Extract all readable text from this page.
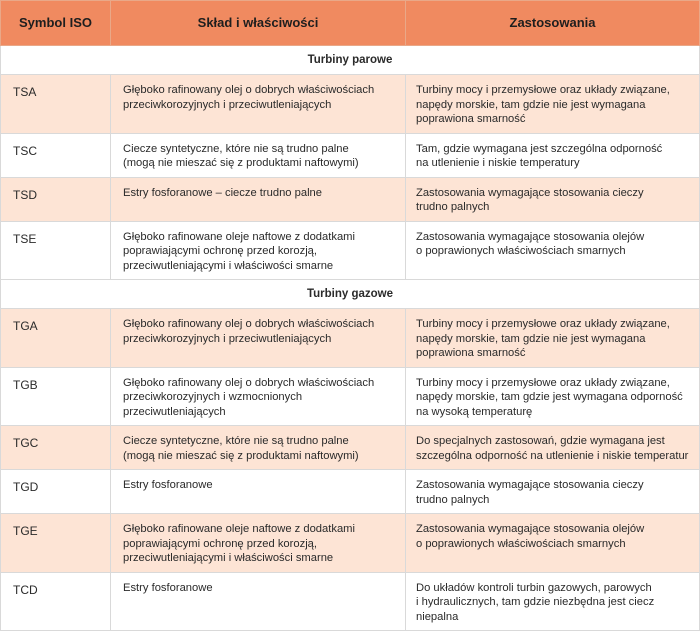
Symbol ISO	Skład i właściwości	Zastosowania
Turbiny parowe		
TSA	Głęboko rafinowany olej o dobrych właściwościach
przeciwkorozyjnych i przeciwutleniających	Turbiny mocy i przemysłowe oraz układy związane,
napędy morskie, tam gdzie nie jest wymagana
poprawiona smarność
TSC	Ciecze syntetyczne, które nie są trudno palne
(mogą nie mieszać się z produktami naftowymi)	Tam, gdzie wymagana jest szczególna odporność
na utlenienie i niskie temperatury
TSD	Estry fosforanowe – ciecze trudno palne	Zastosowania wymagające stosowania cieczy
trudno palnych
TSE	Głęboko rafinowane oleje naftowe z dodatkami
poprawiającymi ochronę przed korozją,
przeciwutleniającymi i właściwości smarne	Zastosowania wymagające stosowania olejów
o poprawionych właściwościach smarnych
Turbiny gazowe		
TGA	Głęboko rafinowany olej o dobrych właściwościach
przeciwkorozyjnych i przeciwutleniających	Turbiny mocy i przemysłowe oraz układy związane,
napędy morskie, tam gdzie nie jest wymagana
poprawiona smarność
TGB	Głęboko rafinowany olej o dobrych właściwościach
przeciwkorozyjnych i wzmocnionych
przeciwutleniających	Turbiny mocy i przemysłowe oraz układy związane,
napędy morskie, tam gdzie jest wymagana odporność
na wysoką temperaturę
TGC	Ciecze syntetyczne, które nie są trudno palne
(mogą nie mieszać się z produktami naftowymi)	Do specjalnych zastosowań, gdzie wymagana jest
szczególna odporność na utlenienie i niskie temperatur
TGD	Estry fosforanowe	Zastosowania wymagające stosowania cieczy
trudno palnych
TGE	Głęboko rafinowane oleje naftowe z dodatkami
poprawiającymi ochronę przed korozją,
przeciwutleniającymi i właściwości smarne	Zastosowania wymagające stosowania olejów
o poprawionych właściwościach smarnych
TCD	Estry fosforanowe	Do układów kontroli turbin gazowych, parowych
i hydraulicznych, tam gdzie niezbędna jest ciecz niepalna
